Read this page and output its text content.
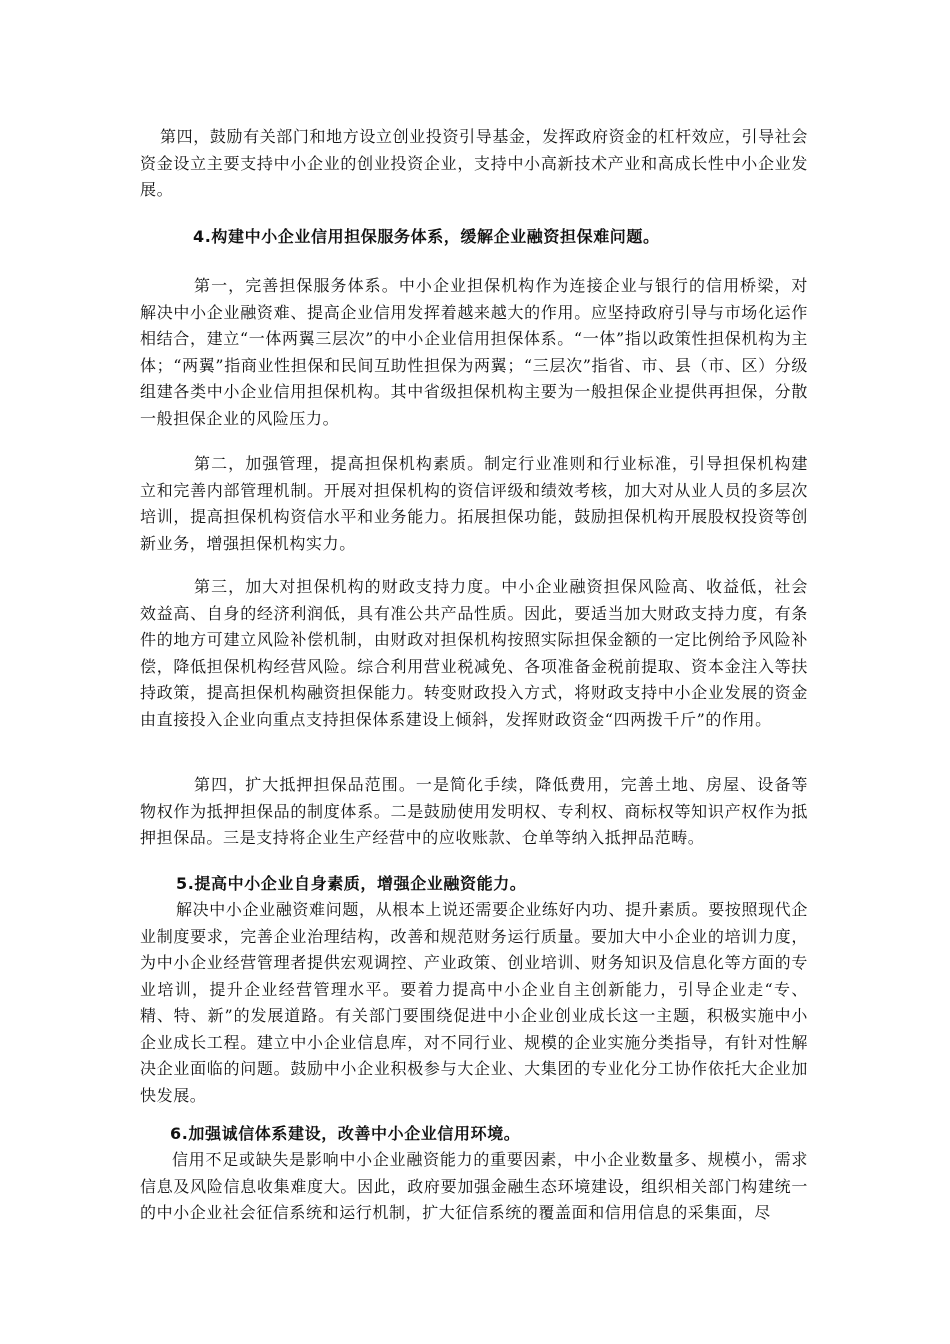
第四，鼓励有关部门和地方设立创业投资引导基金，发挥政府资金的杠杆效应，引导社会资金设立主要支持中小企业的创业投资企业，支持中小高新技术产业和高成长性中小企业发展。

4.构建中小企业信用担保服务体系，缓解企业融资担保难问题。

第一，完善担保服务体系。中小企业担保机构作为连接企业与银行的信用桥梁，对解决中小企业融资难、提高企业信用发挥着越来越大的作用。应坚持政府引导与市场化运作相结合，建立“一体两翼三层次”的中小企业信用担保体系。“一体”指以政策性担保机构为主体；“两翼”指商业性担保和民间互助性担保为两翼；“三层次”指省、市、县（市、区）分级组建各类中小企业信用担保机构。其中省级担保机构主要为一般担保企业提供再担保，分散一般担保企业的风险压力。

第二，加强管理，提高担保机构素质。制定行业准则和行业标准，引导担保机构建立和完善内部管理机制。开展对担保机构的资信评级和绩效考核，加大对从业人员的多层次培训，提高担保机构资信水平和业务能力。拓展担保功能，鼓励担保机构开展股权投资等创新业务，增强担保机构实力。

第三，加大对担保机构的财政支持力度。中小企业融资担保风险高、收益低，社会效益高、自身的经济利润低，具有准公共产品性质。因此，要适当加大财政支持力度，有条件的地方可建立风险补偿机制，由财政对担保机构按照实际担保金额的一定比例给予风险补偿，降低担保机构经营风险。综合利用营业税减免、各项准备金税前提取、资本金注入等扶持政策，提高担保机构融资担保能力。转变财政投入方式，将财政支持中小企业发展的资金由直接投入企业向重点支持担保体系建设上倾斜，发挥财政资金“四两拨千斤”的作用。

第四，扩大抵押担保品范围。一是简化手续，降低费用，完善土地、房屋、设备等物权作为抵押担保品的制度体系。二是鼓励使用发明权、专利权、商标权等知识产权作为抵押担保品。三是支持将企业生产经营中的应收账款、仓单等纳入抵押品范畴。

5.提高中小企业自身素质，增强企业融资能力。

解决中小企业融资难问题，从根本上说还需要企业练好内功、提升素质。要按照现代企业制度要求，完善企业治理结构，改善和规范财务运行质量。要加大中小企业的培训力度，为中小企业经营管理者提供宏观调控、产业政策、创业培训、财务知识及信息化等方面的专业培训，提升企业经营管理水平。要着力提高中小企业自主创新能力，引导企业走“专、精、特、新”的发展道路。有关部门要围绕促进中小企业创业成长这一主题，积极实施中小企业成长工程。建立中小企业信息库，对不同行业、规模的企业实施分类指导，有针对性解决企业面临的问题。鼓励中小企业积极参与大企业、大集团的专业化分工协作依托大企业加快发展。

6.加强诚信体系建设，改善中小企业信用环境。

信用不足或缺失是影响中小企业融资能力的重要因素，中小企业数量多、规模小，需求信息及风险信息收集难度大。因此，政府要加强金融生态环境建设，组织相关部门构建统一的中小企业社会征信系统和运行机制，扩大征信系统的覆盖面和信用信息的采集面，尽
